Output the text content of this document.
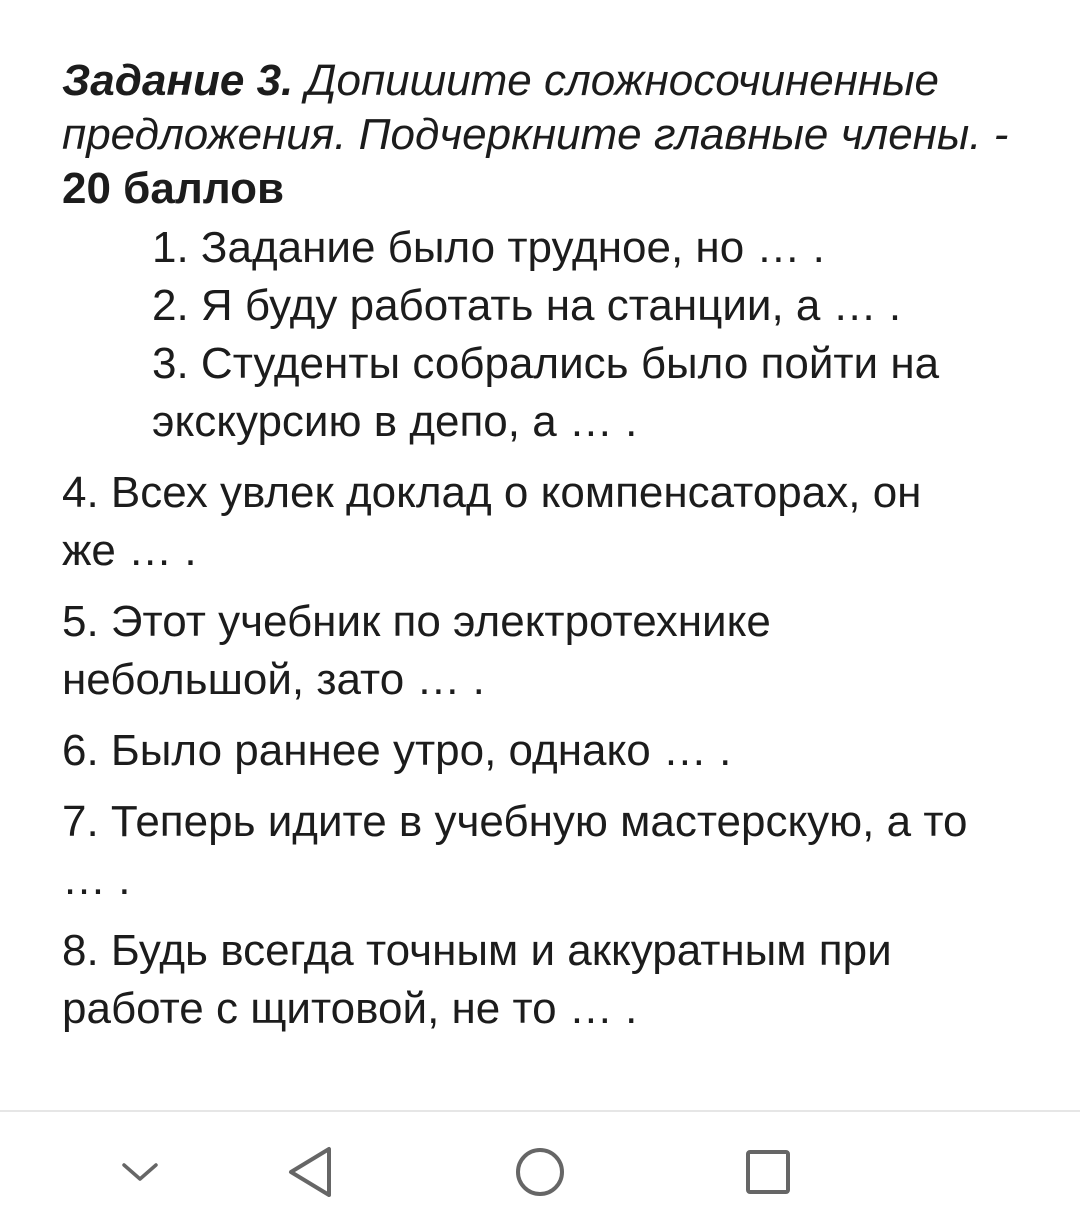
Задание 3. Допишите сложносочиненные предложения. Подчеркните главные члены. - 20 баллов

1. Задание было трудное, но … .

2. Я буду работать на станции, а … .

3. Студенты собрались было пойти на экскурсию в депо, а … .

4. Всех увлек доклад о компенсаторах, он же … .

5. Этот учебник по электротехнике небольшой, зато … .

6. Было раннее утро, однако … .

7. Теперь идите в учебную мастерскую, а то … .

8. Будь всегда точным и аккуратным при работе с щитовой, не то … .
